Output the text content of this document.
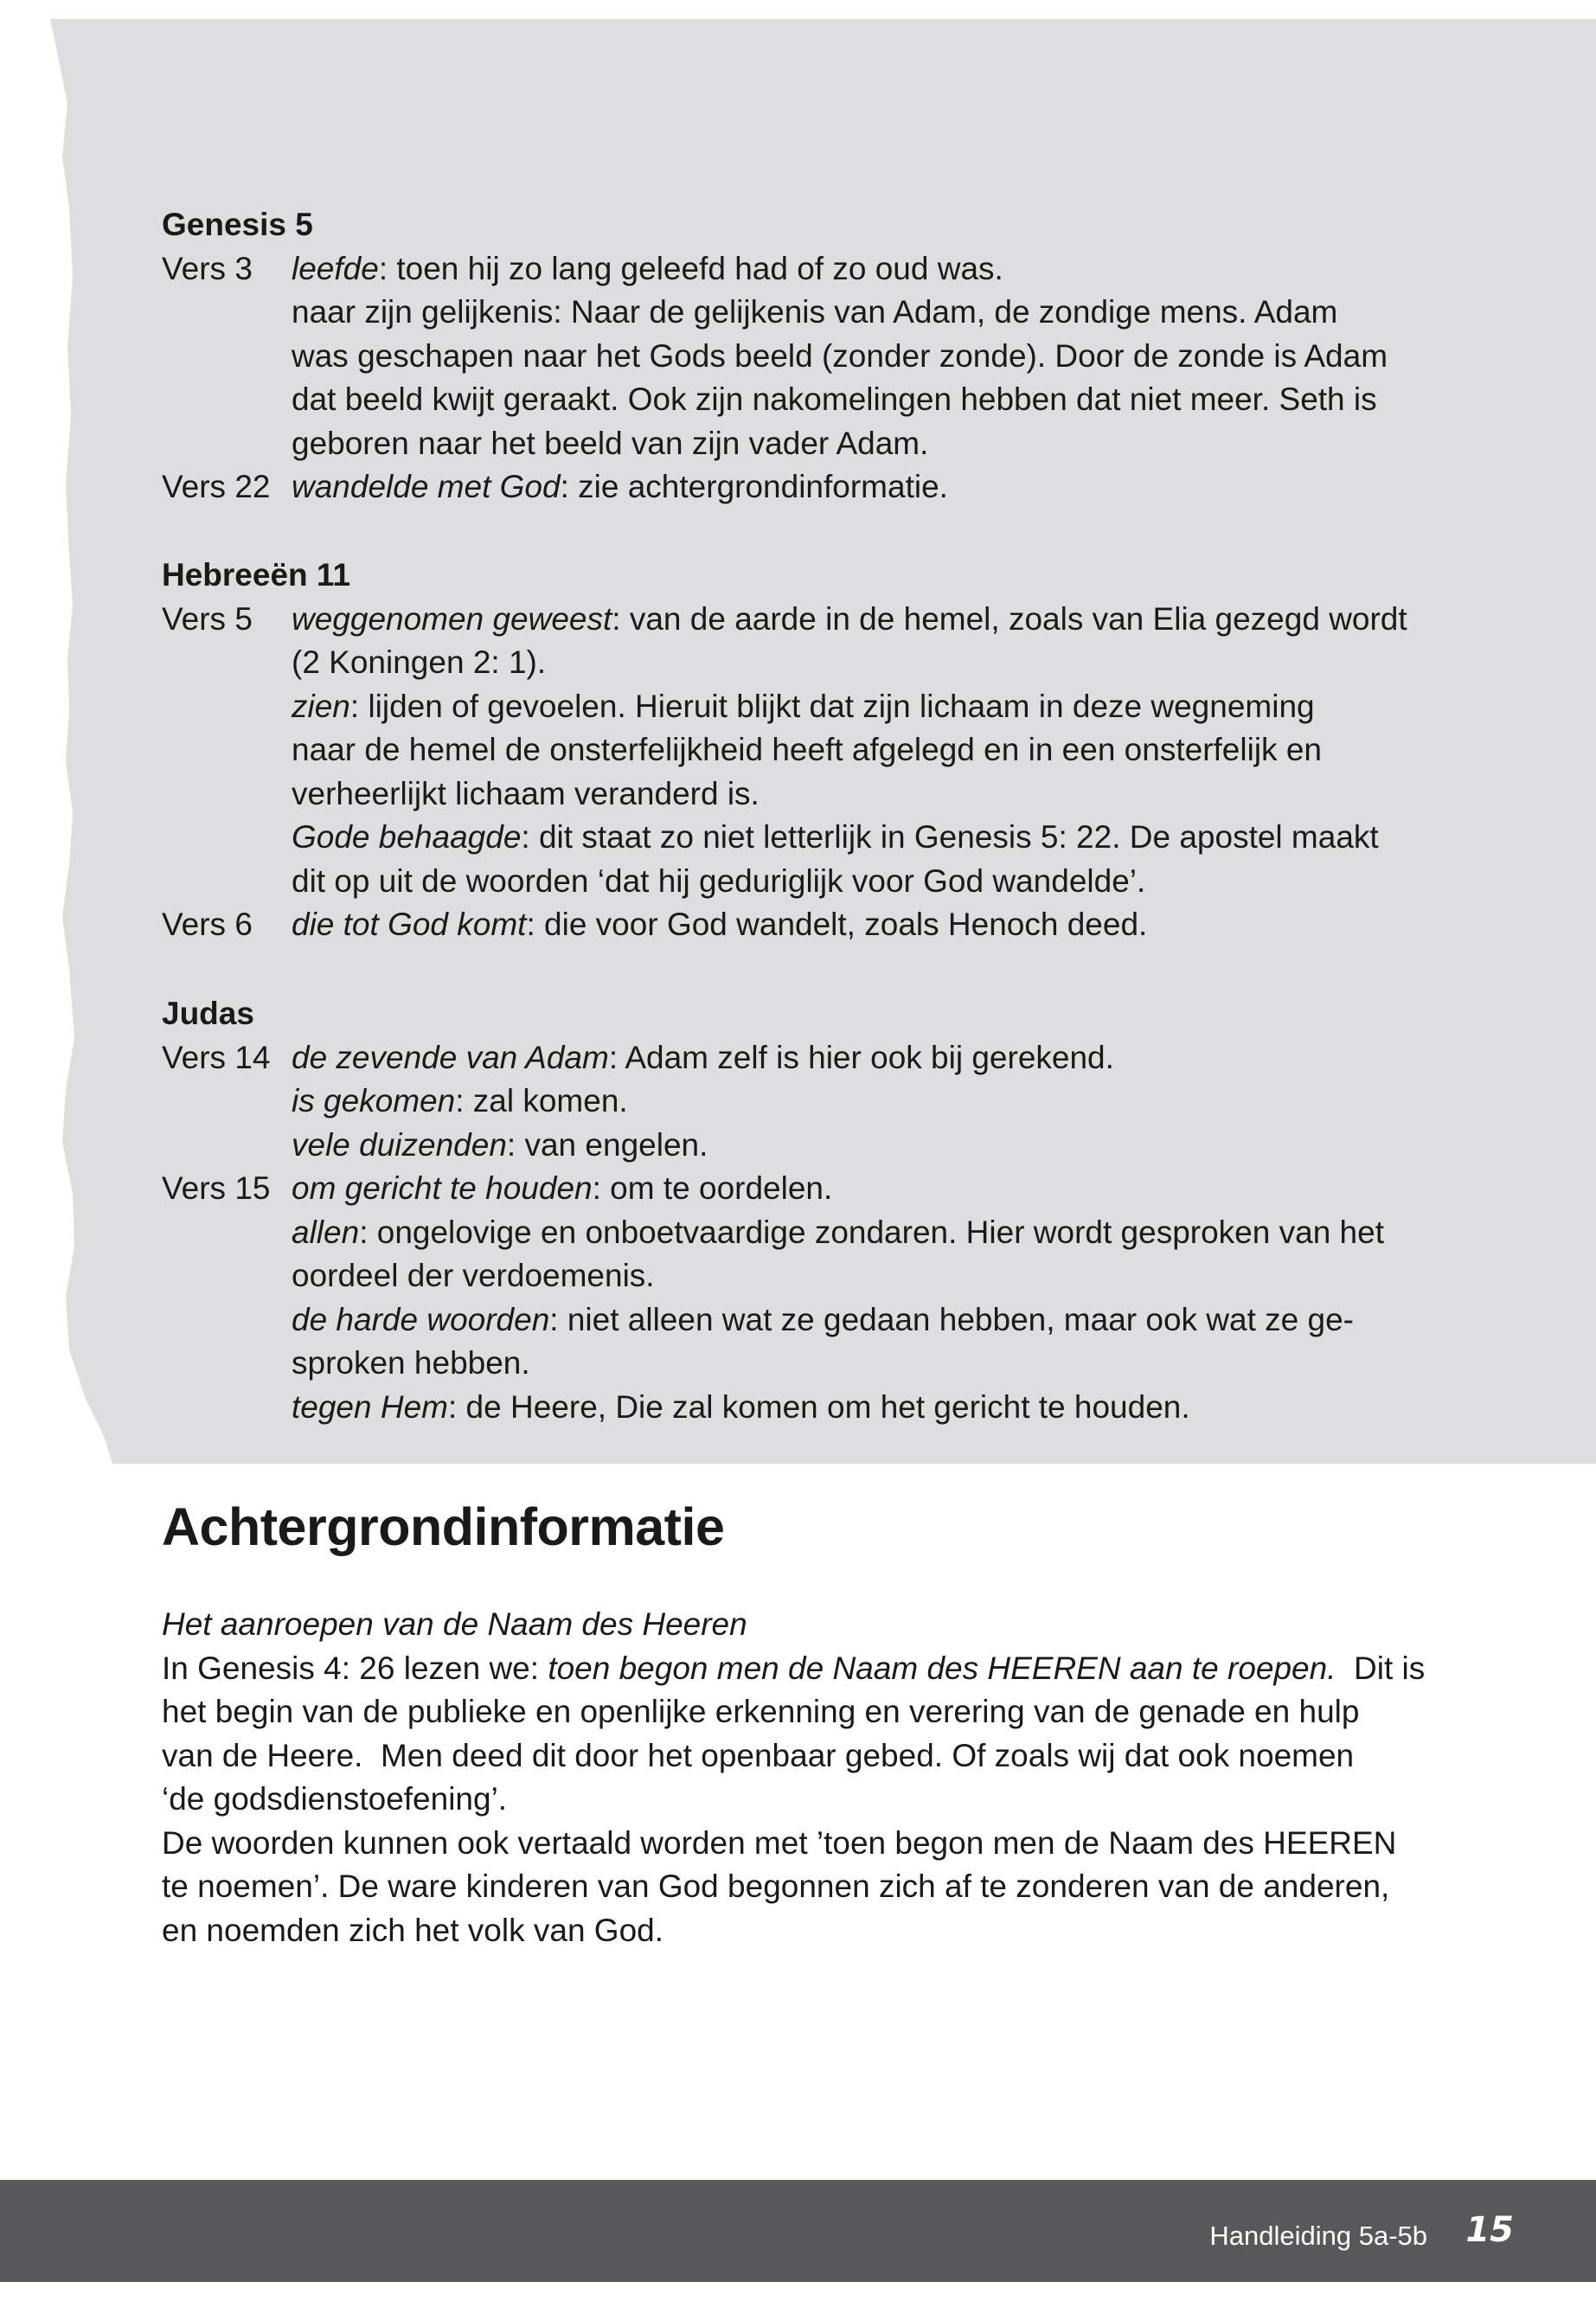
Genesis 5
Vers 3	leefde: toen hij zo lang geleefd had of zo oud was.
naar zijn gelijkenis: Naar de gelijkenis van Adam, de zondige mens. Adam
was geschapen naar het Gods beeld (zonder zonde). Door de zonde is Adam
dat beeld kwijt geraakt. Ook zijn nakomelingen hebben dat niet meer. Seth is
geboren naar het beeld van zijn vader Adam.
Vers 22 wandelde met God: zie achtergrondinformatie.
Hebreeën 11
Vers 5	weggenomen geweest: van de aarde in de hemel, zoals van Elia gezegd wordt
(2 Koningen 2: 1).
zien: lijden of gevoelen. Hieruit blijkt dat zijn lichaam in deze wegneming
naar de hemel de onsterfelijkheid heeft afgelegd en in een onsterfelijk en
verheerlijkt lichaam veranderd is.
Gode behaagde: dit staat zo niet letterlijk in Genesis 5: 22. De apostel maakt
dit op uit de woorden ‘dat hij geduriglijk voor God wandelde’.
Vers 6	die tot God komt: die voor God wandelt, zoals Henoch deed.
Judas
Vers 14 de zevende van Adam: Adam zelf is hier ook bij gerekend.
is gekomen: zal komen.
vele duizenden: van engelen.
Vers 15 om gericht te houden: om te oordelen.
allen: ongelovige en onboetvaardige zondaren. Hier wordt gesproken van het
oordeel der verdoemenis.
de harde woorden: niet alleen wat ze gedaan hebben, maar ook wat ze ge-
sproken hebben.
tegen Hem: de Heere, Die zal komen om het gericht te houden.
Achtergrondinformatie
Het aanroepen van de Naam des Heeren
In Genesis 4: 26 lezen we: toen begon men de Naam des HEEREN aan te roepen.  Dit is
het begin van de publieke en openlijke erkenning en verering van de genade en hulp
van de Heere.  Men deed dit door het openbaar gebed. Of zoals wij dat ook noemen
‘de godsdienstoefening’.
De woorden kunnen ook vertaald worden met ’toen begon men de Naam des HEEREN
te noemen’. De ware kinderen van God begonnen zich af te zonderen van de anderen,
en noemden zich het volk van God.
Handleiding 5a-5b 15
